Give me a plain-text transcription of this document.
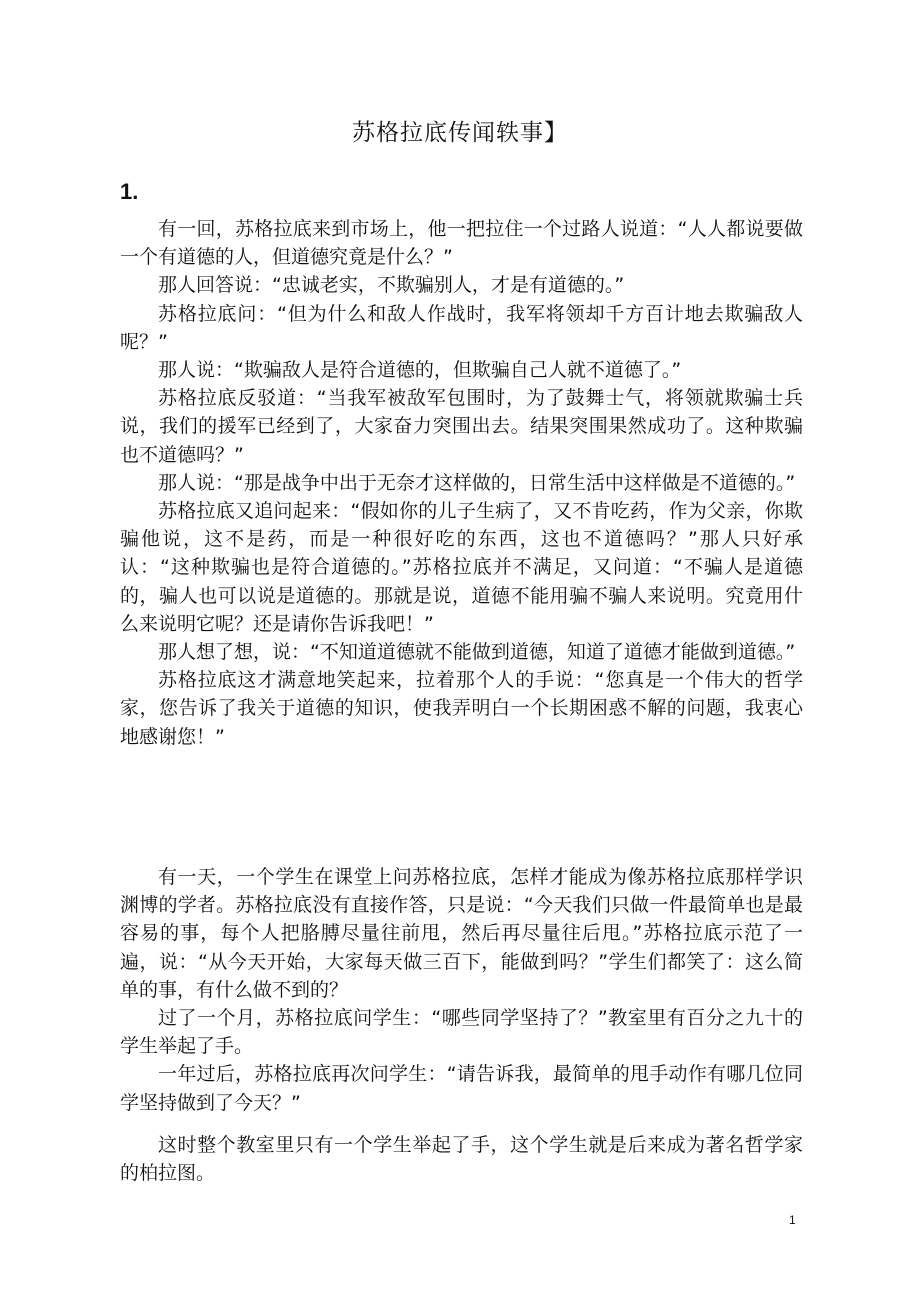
苏格拉底传闻轶事】
1.

有一回，苏格拉底来到市场上，他一把拉住一个过路人说道：“人人都说要做一个有道德的人，但道德究竟是什么？”

那人回答说：“忠诚老实，不欺骗别人，才是有道德的。”

苏格拉底问：“但为什么和敌人作战时，我军将领却千方百计地去欺骗敌人呢？”

那人说：“欺骗敌人是符合道德的，但欺骗自己人就不道德了。”

苏格拉底反驳道：“当我军被敌军包围时，为了鼓舞士气，将领就欺骗士兵说，我们的援军已经到了，大家奋力突围出去。结果突围果然成功了。这种欺骗也不道德吗？”

那人说：“那是战争中出于无奈才这样做的，日常生活中这样做是不道德的。”

苏格拉底又追问起来：“假如你的儿子生病了，又不肯吃药，作为父亲，你欺骗他说，这不是药，而是一种很好吃的东西，这也不道德吗？”那人只好承认：“这种欺骗也是符合道德的。”苏格拉底并不满足，又问道：“不骗人是道德的，骗人也可以说是道德的。那就是说，道德不能用骗不骗人来说明。究竟用什么来说明它呢？还是请你告诉我吧！”

那人想了想，说：“不知道道德就不能做到道德，知道了道德才能做到道德。”

苏格拉底这才满意地笑起来，拉着那个人的手说：“您真是一个伟大的哲学家，您告诉了我关于道德的知识，使我弄明白一个长期困惑不解的问题，我衷心地感谢您！”

有一天，一个学生在课堂上问苏格拉底，怎样才能成为像苏格拉底那样学识渊博的学者。苏格拉底没有直接作答，只是说：“今天我们只做一件最简单也是最容易的事，每个人把胳膊尽量往前甩，然后再尽量往后甩。”苏格拉底示范了一遍，说：“从今天开始，大家每天做三百下，能做到吗？”学生们都笑了：这么简单的事，有什么做不到的？

过了一个月，苏格拉底问学生：“哪些同学坚持了？”教室里有百分之九十的学生举起了手。

一年过后，苏格拉底再次问学生：“请告诉我，最简单的甩手动作有哪几位同学坚持做到了今天？”

这时整个教室里只有一个学生举起了手，这个学生就是后来成为著名哲学家的柏拉图。

1
